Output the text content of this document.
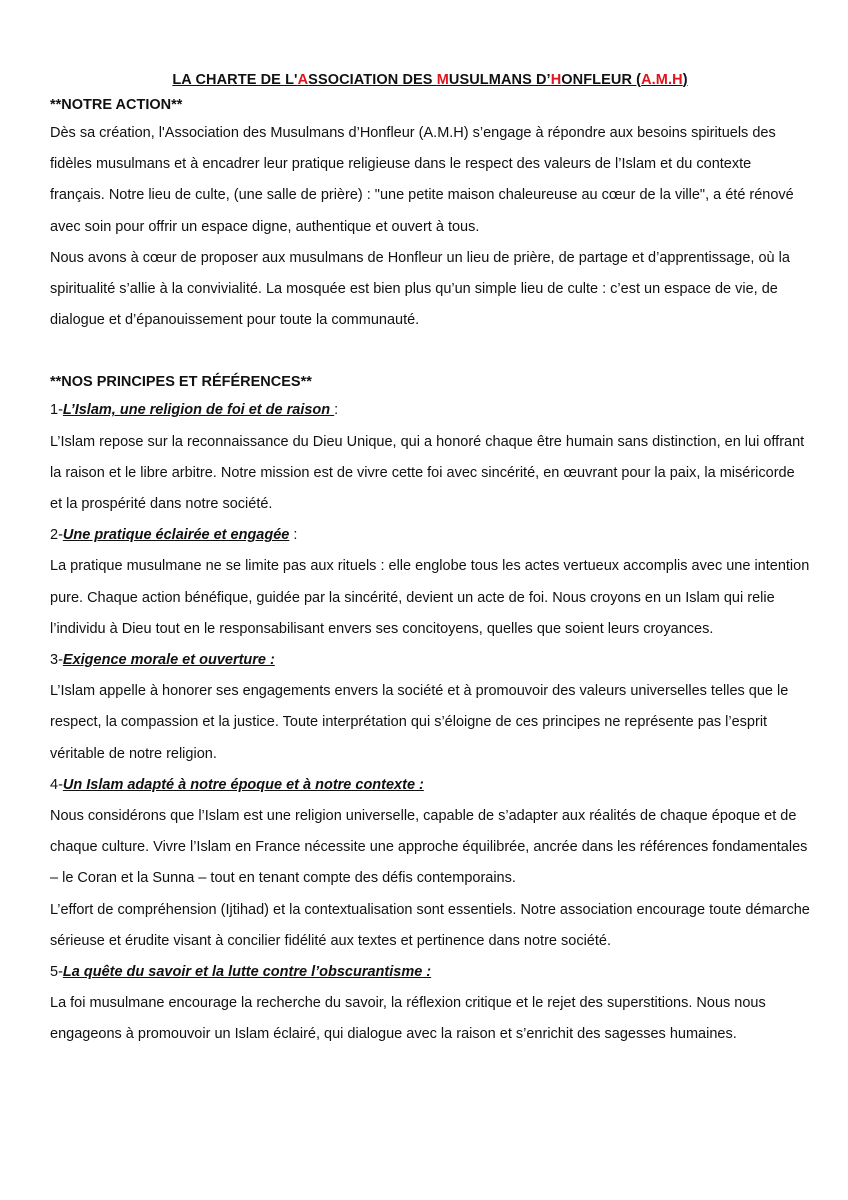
LA CHARTE DE L'ASSOCIATION DES MUSULMANS D’HONFLEUR (A.M.H)
**NOTRE ACTION**

Dès sa création, l'Association des Musulmans d’Honfleur (A.M.H) s’engage à répondre aux besoins spirituels des fidèles musulmans et à encadrer leur pratique religieuse dans le respect des valeurs de l’Islam et du contexte français. Notre lieu de culte, (une salle de prière) : "une petite maison chaleureuse au cœur de la ville", a été rénové avec soin pour offrir un espace digne, authentique et ouvert à tous.

Nous avons à cœur de proposer aux musulmans de Honfleur un lieu de prière, de partage et d’apprentissage, où la spiritualité s’allie à la convivialité. La mosquée est bien plus qu’un simple lieu de culte : c’est un espace de vie, de dialogue et d’épanouissement pour toute la communauté.

**NOS PRINCIPES ET RÉFÉRENCES**
1-L’Islam, une religion de foi et de raison :

L’Islam repose sur la reconnaissance du Dieu Unique, qui a honoré chaque être humain sans distinction, en lui offrant la raison et le libre arbitre. Notre mission est de vivre cette foi avec sincérité, en œuvrant pour la paix, la miséricorde et la prospérité dans notre société.

2-Une pratique éclairée et engagée :

La pratique musulmane ne se limite pas aux rituels : elle englobe tous les actes vertueux accomplis avec une intention pure. Chaque action bénéfique, guidée par la sincérité, devient un acte de foi. Nous croyons en un Islam qui relie l’individu à Dieu tout en le responsabilisant envers ses concitoyens, quelles que soient leurs croyances.

3-Exigence morale et ouverture :

L’Islam appelle à honorer ses engagements envers la société et à promouvoir des valeurs universelles telles que le respect, la compassion et la justice. Toute interprétation qui s’éloigne de ces principes ne représente pas l’esprit véritable de notre religion.

4-Un Islam adapté à notre époque et à notre contexte :

Nous considérons que l’Islam est une religion universelle, capable de s’adapter aux réalités de chaque époque et de chaque culture. Vivre l’Islam en France nécessite une approche équilibrée, ancrée dans les références fondamentales – le Coran et la Sunna – tout en tenant compte des défis contemporains.

L’effort de compréhension (Ijtihad) et la contextualisation sont essentiels. Notre association encourage toute démarche sérieuse et érudite visant à concilier fidélité aux textes et pertinence dans notre société.

5-La quête du savoir et la lutte contre l’obscurantisme :

La foi musulmane encourage la recherche du savoir, la réflexion critique et le rejet des superstitions. Nous nous engageons à promouvoir un Islam éclairé, qui dialogue avec la raison et s’enrichit des sagesses humaines.
